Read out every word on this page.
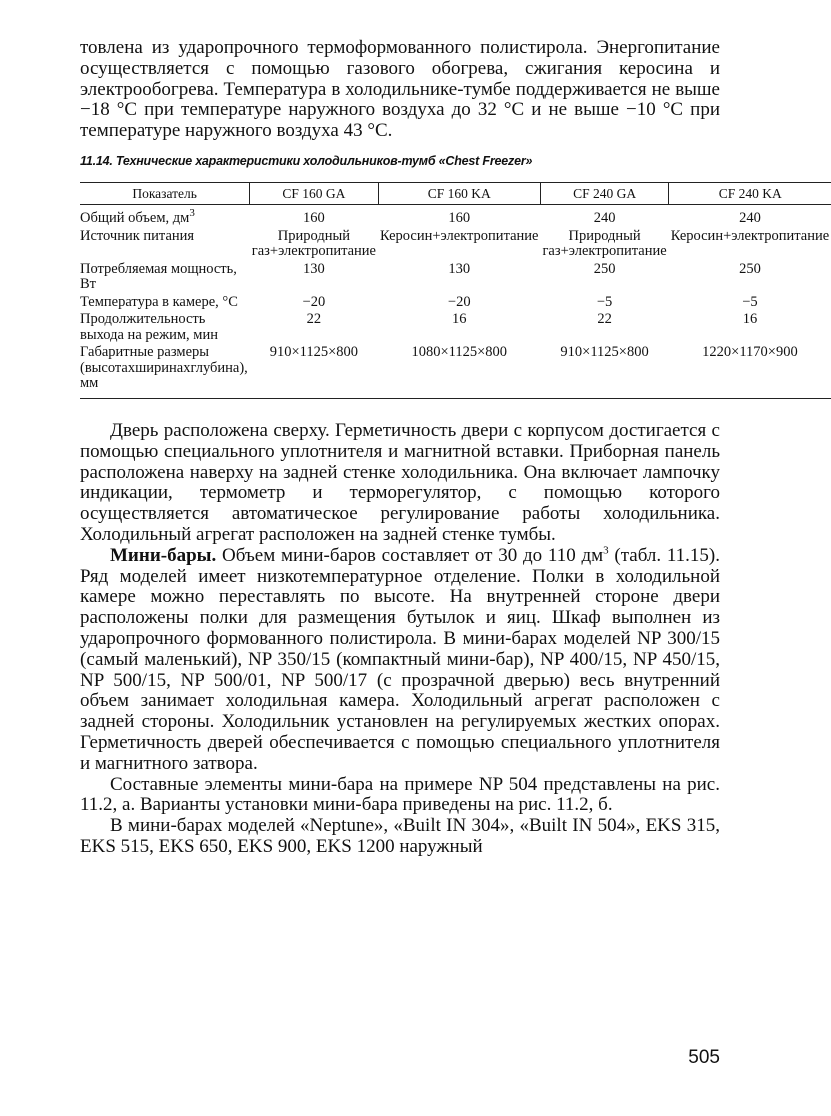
товлена из ударопрочного термоформованного полистирола. Энергопитание осуществляется с помощью газового обогрева, сжигания керосина и электрообогрева. Температура в холодильнике-тумбе поддерживается не выше −18 °С при температуре наружного воздуха до 32 °С и не выше −10 °С при температуре наружного воздуха 43 °С.

11.14. Технические характеристики холодильников-тумб «Chest Freezer»
Показатель	CF 160 GA	CF 160 KA	CF 240 GA	CF 240 KA
Общий объем, $дм^3$	160	160	240	240
Источник питания	Природный газ+электропитание	Керосин+электропитание	Природный газ+электропитание	Керосин+электропитание
Потребляемая мощность, Вт	130	130	250	250
Температура в камере, °С	−20	−20	−5	−5
Продолжительность выхода на режим, мин	22	16	22	16
Габаритные размеры (высотахширинахглубина), мм	910×1125×800	1080×1125×800	910×1125×800	1220×1170×900

Дверь расположена сверху. Герметичность двери с корпусом достигается с помощью специального уплотнителя и магнитной вставки. Приборная панель расположена наверху на задней стенке холодильника. Она включает лампочку индикации, термометр и терморегулятор, с помощью которого осуществляется автоматическое регулирование работы холодильника. Холодильный агрегат расположен на задней стенке тумбы.

Мини-бары. Объем мини-баров составляет от 30 до 110 $дм^3$ (табл. 11.15). Ряд моделей имеет низкотемпературное отделение. Полки в холодильной камере можно переставлять по высоте. На внутренней стороне двери расположены полки для размещения бутылок и яиц. Шкаф выполнен из ударопрочного формованного полистирола. В мини-барах моделей NP 300/15 (самый маленький), NP 350/15 (компактный мини-бар), NP 400/15, NP 450/15, NP 500/15, NP 500/01, NP 500/17 (с прозрачной дверью) весь внутренний объем занимает холодильная камера. Холодильный агрегат расположен с задней стороны. Холодильник установлен на регулируемых жестких опорах. Герметичность дверей обеспечивается с помощью специального уплотнителя и магнитного затвора.

Составные элементы мини-бара на примере NP 504 представлены на рис. 11.2, а. Варианты установки мини-бара приведены на рис. 11.2, б.

В мини-барах моделей «Neptune», «Built IN 304», «Built IN 504», EKS 315, EKS 515, EKS 650, EKS 900, EKS 1200 наружный

505
